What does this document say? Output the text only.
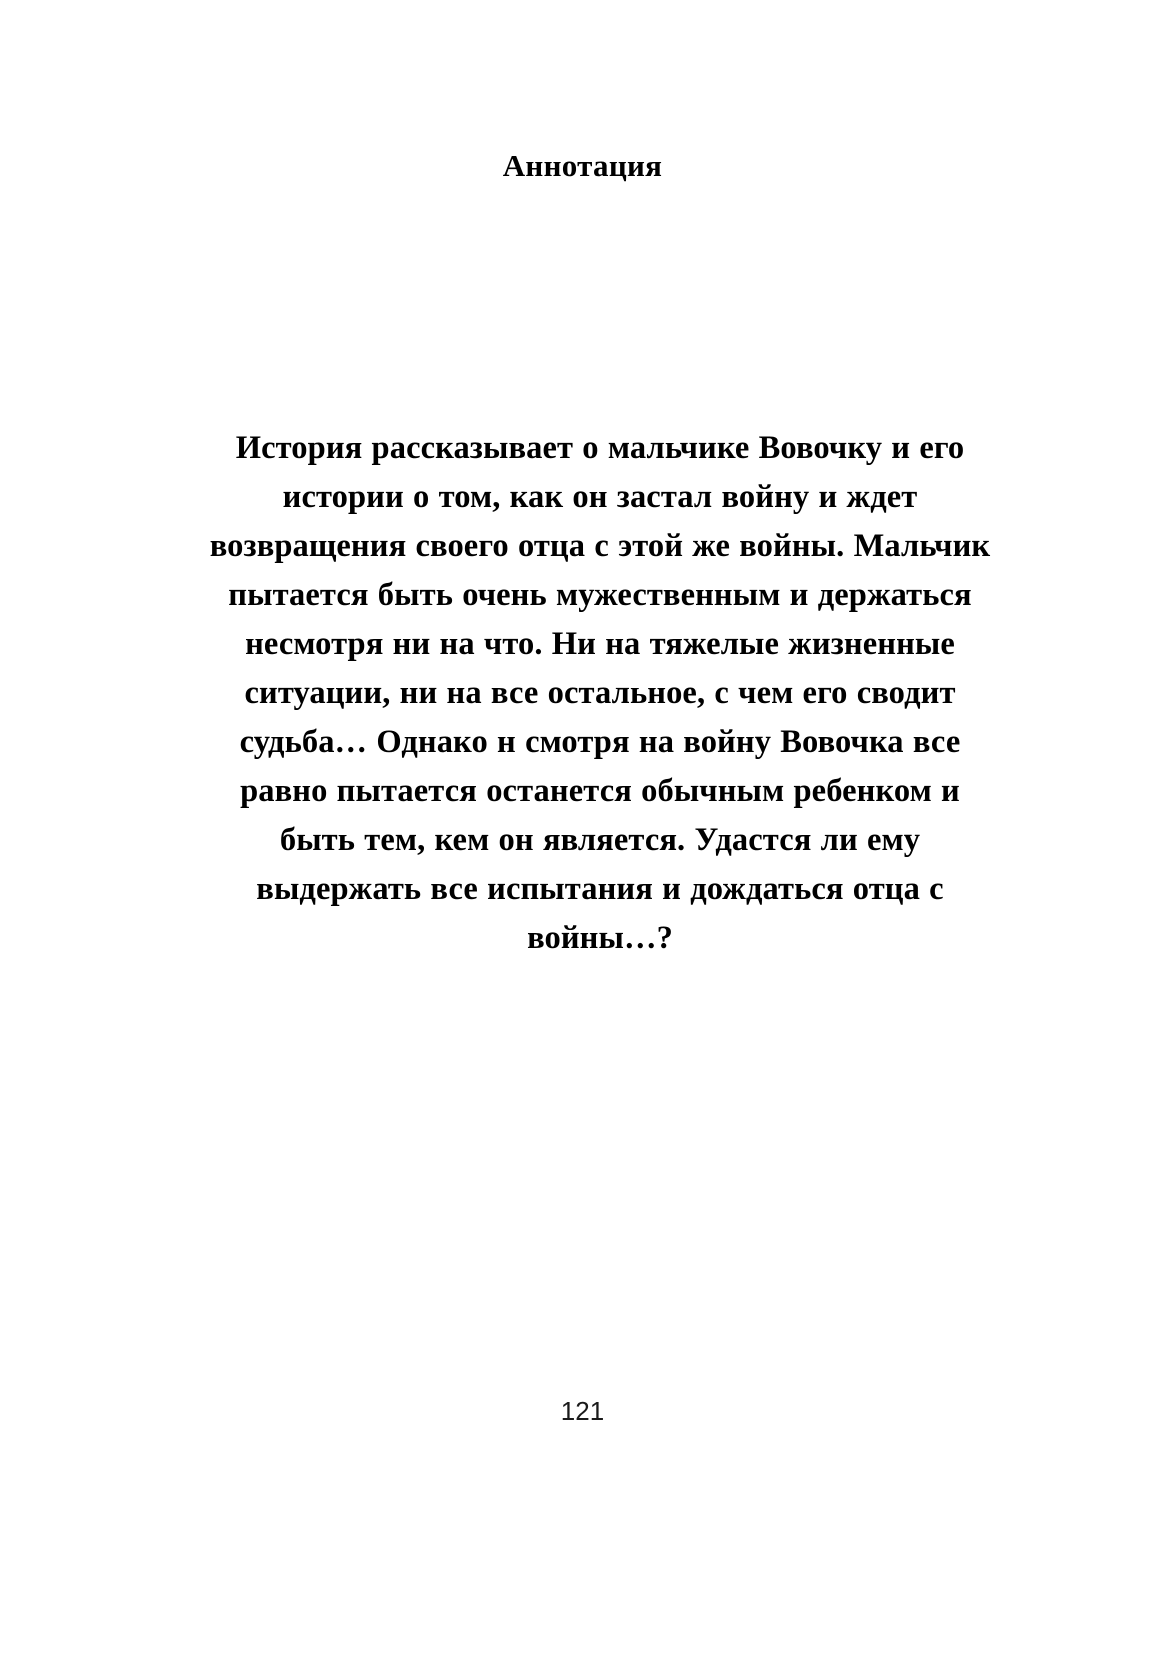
Аннотация
История рассказывает о мальчике Вовочку и его истории о том, как он застал войну и ждет возвращения своего отца с этой же войны. Мальчик пытается быть очень мужественным и держаться несмотря ни на что. Ни на тяжелые жизненные ситуации, ни на все остальное, с чем его сводит судьба… Однако н смотря на войну Вовочка все равно пытается останется обычным ребенком и быть тем, кем он является. Удастся ли ему выдержать все испытания и дождаться отца с войны…?
121
